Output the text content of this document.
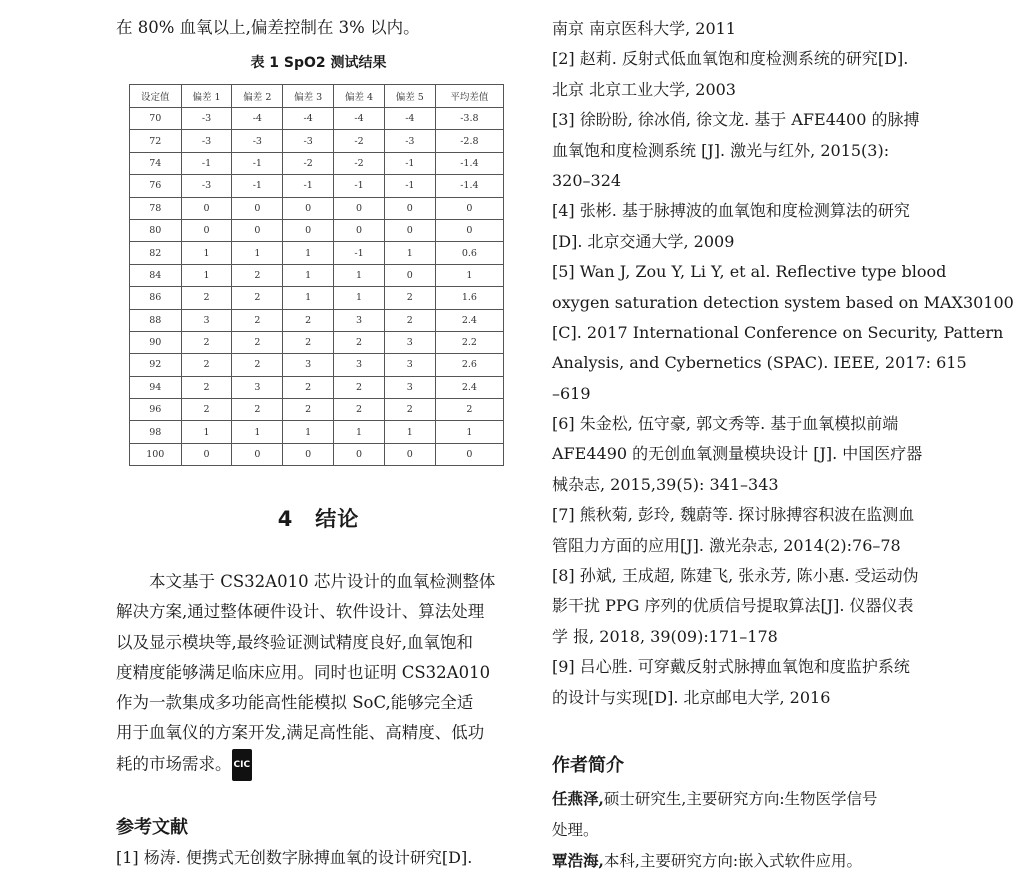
在 80% 血氧以上,偏差控制在 3% 以内。
表 1 SpO2 测试结果
设定值	偏差 1	偏差 2	偏差 3	偏差 4	偏差 5	平均差值
70	-3	-4	-4	-4	-4	-3.8
72	-3	-3	-3	-2	-3	-2.8
74	-1	-1	-2	-2	-1	-1.4
76	-3	-1	-1	-1	-1	-1.4
78	0	0	0	0	0	0
80	0	0	0	0	0	0
82	1	1	1	-1	1	0.6
84	1	2	1	1	0	1
86	2	2	1	1	2	1.6
88	3	2	2	3	2	2.4
90	2	2	2	2	3	2.2
92	2	2	3	3	3	2.6
94	2	3	2	2	3	2.4
96	2	2	2	2	2	2
98	1	1	1	1	1	1
100	0	0	0	0	0	0
4　结论
　　本文基于 CS32A010 芯片设计的血氧检测整体
解决方案,通过整体硬件设计、软件设计、算法处理
以及显示模块等,最终验证测试精度良好,血氧饱和
度精度能够满足临床应用。同时也证明 CS32A010
作为一款集成多功能高性能模拟 SoC,能够完全适
用于血氧仪的方案开发,满足高性能、高精度、低功
耗的市场需求。 CIC
参考文献
[1] 杨涛. 便携式无创数字脉搏血氧的设计研究[D].
南京 南京医科大学, 2011
[2] 赵莉. 反射式低血氧饱和度检测系统的研究[D].
北京 北京工业大学, 2003
[3] 徐盼盼, 徐冰俏, 徐文龙. 基于 AFE4400 的脉搏
血氧饱和度检测系统 [J]. 激光与红外, 2015(3):
320–324
[4] 张彬. 基于脉搏波的血氧饱和度检测算法的研究
[D]. 北京交通大学, 2009
[5] Wan J, Zou Y, Li Y, et al. Reflective type blood
oxygen saturation detection system based on MAX30100
[C]. 2017 International Conference on Security, Pattern
Analysis, and Cybernetics (SPAC). IEEE, 2017: 615
–619
[6] 朱金松, 伍守豪, 郭文秀等. 基于血氧模拟前端
AFE4490 的无创血氧测量模块设计 [J]. 中国医疗器
械杂志, 2015,39(5): 341–343
[7] 熊秋菊, 彭玲, 魏蔚等. 探讨脉搏容积波在监测血
管阻力方面的应用[J]. 激光杂志, 2014(2):76–78
[8] 孙斌, 王成超, 陈建飞, 张永芳, 陈小惠. 受运动伪
影干扰 PPG 序列的优质信号提取算法[J]. 仪器仪表
学 报, 2018, 39(09):171–178
[9] 吕心胜. 可穿戴反射式脉搏血氧饱和度监护系统
的设计与实现[D]. 北京邮电大学, 2016
作者简介
任燕泽,硕士研究生,主要研究方向:生物医学信号
处理。
覃浩海,本科,主要研究方向:嵌入式软件应用。
